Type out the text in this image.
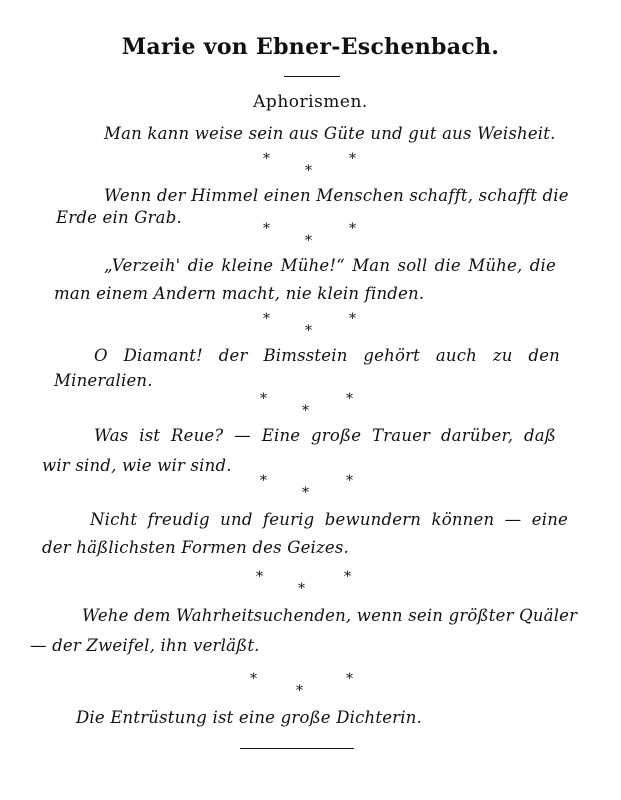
Marie von Ebner-Eschenbach.
Aphorismen.
Man kann weise sein aus Güte und gut aus Weisheit.
*
*
*
Wenn der Himmel einen Menschen schafft, schafft die
Erde ein Grab.
*
*
*
„Verzeih' die kleine Mühe!“ Man soll die Mühe, die
man einem Andern macht, nie klein finden.
*
*
*
O Diamant! der Bimsstein gehört auch zu den
Mineralien.
*
*
*
Was ist Reue? — Eine große Trauer darüber, daß
wir sind, wie wir sind.
*
*
*
Nicht freudig und feurig bewundern können — eine
der häßlichsten Formen des Geizes.
*
*
*
Wehe dem Wahrheitsuchenden, wenn sein größter Quäler
— der Zweifel, ihn verläßt.
*
*
*
Die Entrüstung ist eine große Dichterin.
